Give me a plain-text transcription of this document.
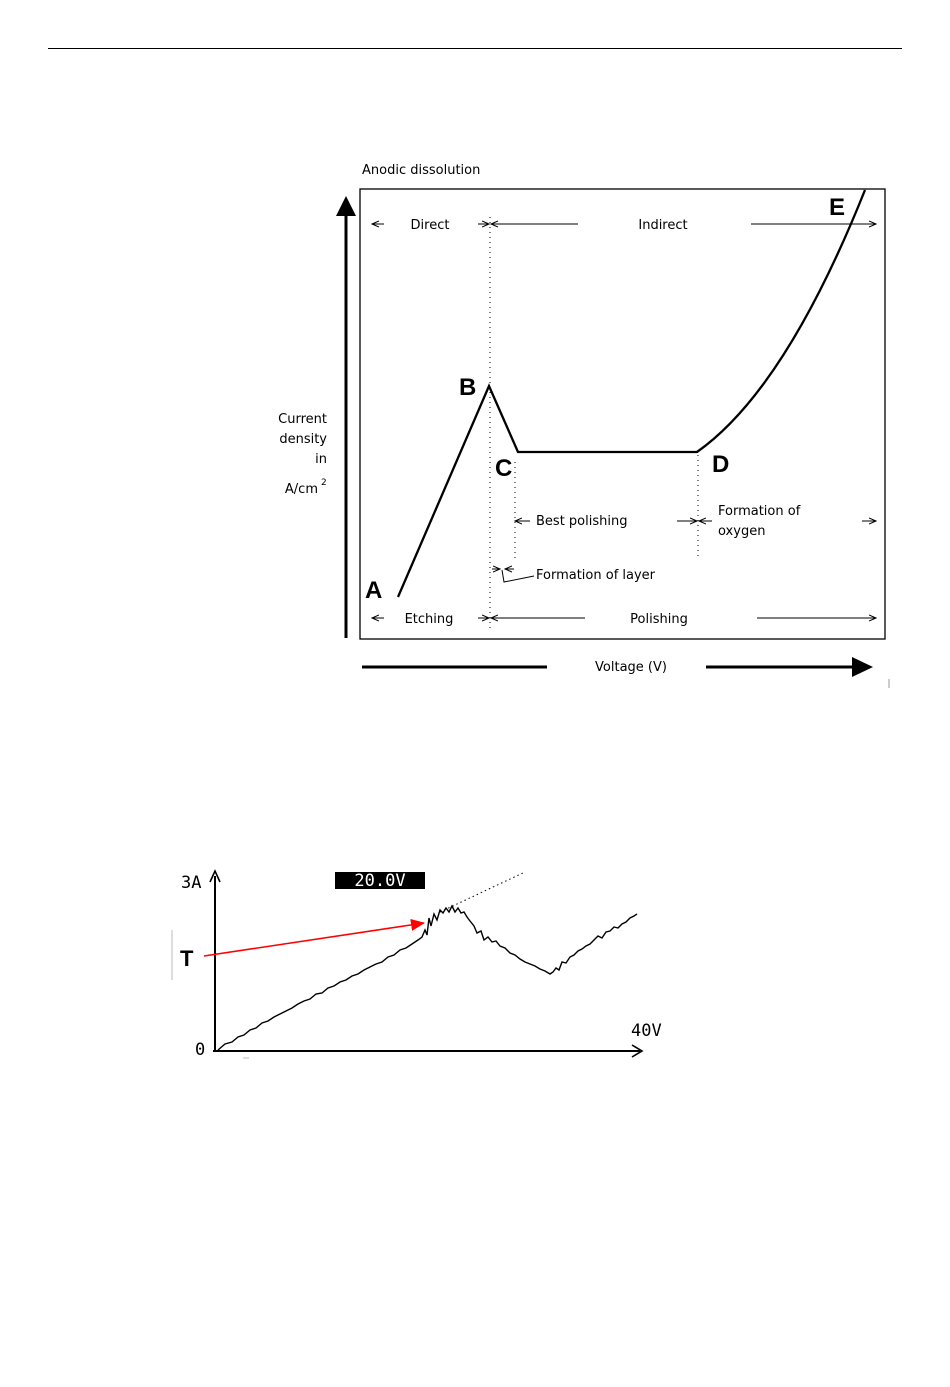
Anodic dissolution
Current
density
in
A/cm 2
Voltage (V)
A
B
C	D
E
Direct	Indirect
Best polishing
Formation of
oxygen
Formation of layer
Etching	Polishing
3A
40V
0
20.0V
T
